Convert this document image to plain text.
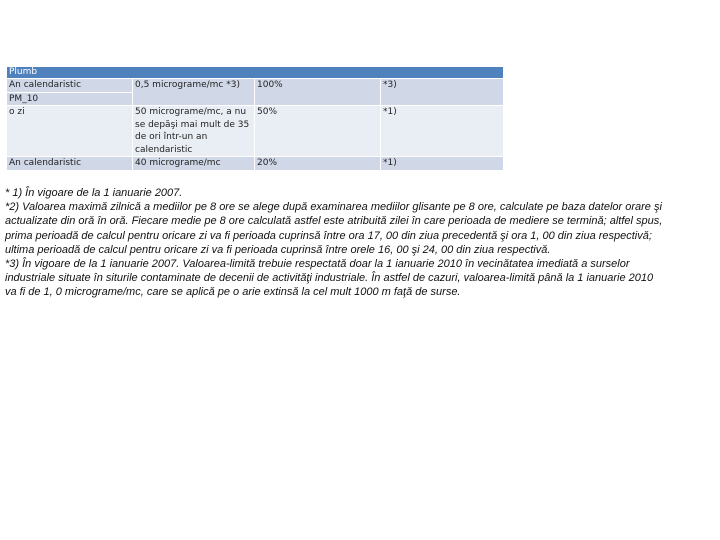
Plumb			
An calendaristic	0,5 micrograme/mc *3)	100%	*3)
PM_10			
o zi	50 micrograme/mc, a nu se depăşi mai mult de 35 de ori într-un an calendaristic	50%	*1)
An calendaristic	40 micrograme/mc	20%	*1)

* 1) În vigoare de la 1 ianuarie 2007.

*2) Valoarea maximă zilnică a mediilor pe 8 ore se alege după examinarea mediilor glisante pe 8 ore, calculate pe baza datelor orare şi actualizate din oră în oră. Fiecare medie pe 8 ore calculată astfel este atribuită zilei în care perioada de mediere se termină; altfel spus, prima perioadă de calcul pentru oricare zi va fi perioada cuprinsă între ora 17, 00 din ziua precedentă şi ora 1, 00 din ziua respectivă; ultima perioadă de calcul pentru oricare zi va fi perioada cuprinsă între orele 16, 00 şi 24, 00 din ziua respectivă.

*3) În vigoare de la 1 ianuarie 2007. Valoarea-limită trebuie respectată doar la 1 ianuarie 2010 în vecinătatea imediată a surselor industriale situate în siturile contaminate de decenii de activităţi industriale. În astfel de cazuri, valoarea-limită până la 1 ianuarie 2010 va fi de 1, 0 micrograme/mc, care se aplică pe o arie extinsă la cel mult 1000 m faţă de surse.
